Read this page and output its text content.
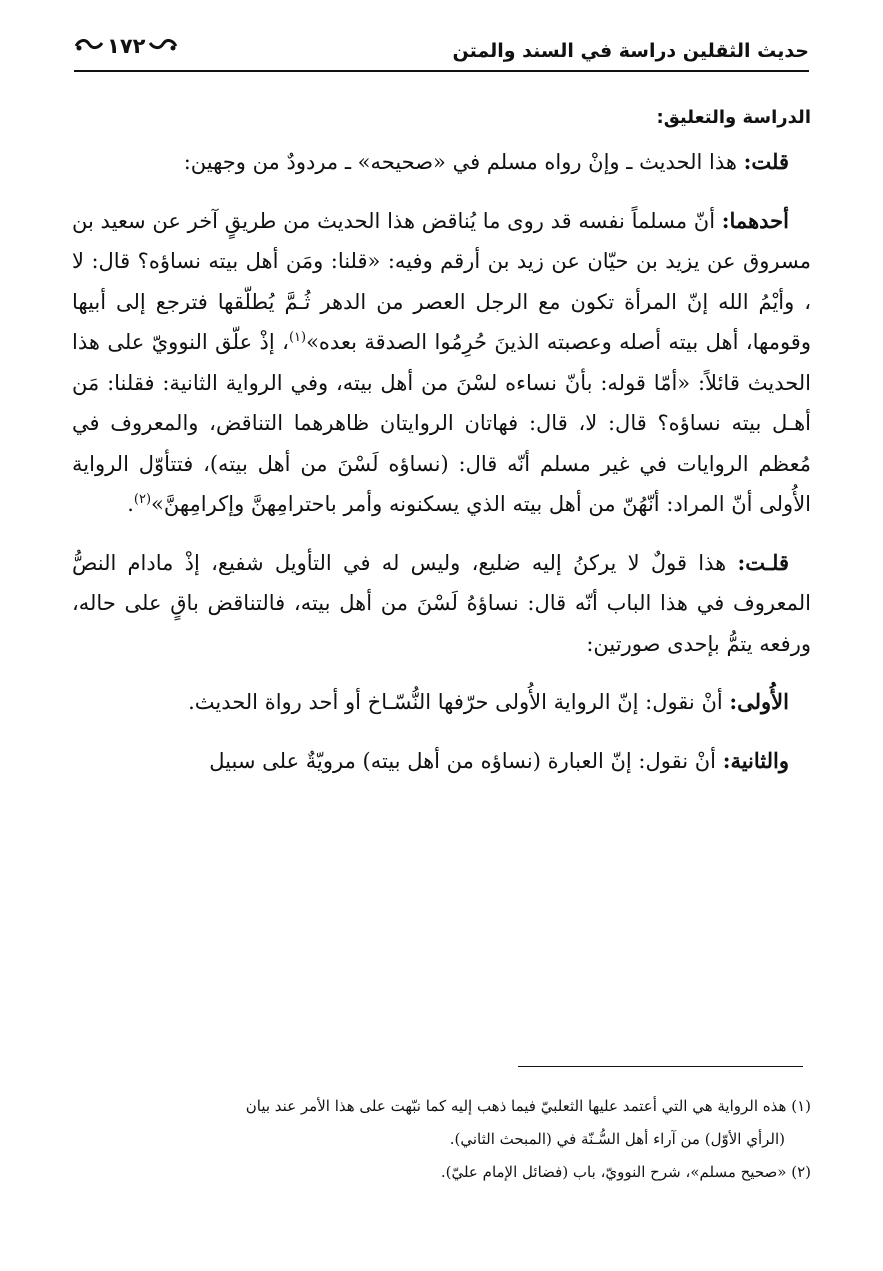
حديث الثقلين دراسة في السند والمتن
١٧٢
الدراسة والتعليق:

قلت: هذا الحديث ـ وإنْ رواه مسلم في «صحيحه» ـ مردودٌ من وجهين:

أحدهما: أنّ مسلماً نفسه قد روى ما يُناقض هذا الحديث من طريقٍ آخر عن سعيد بن مسروق عن يزيد بن حيّان عن زيد بن أرقم وفيه: «قلنا: ومَن أهل بيته نساؤه؟ قال: لا ، وأيْمُ الله إنّ المرأة تكون مع الرجل العصر من الدهر ثُـمَّ يُطلّقها فترجع إلى أبيها وقومها، أهل بيته أصله وعصبته الذينَ حُرِمُوا الصدقة بعده»$^{(١)}$، إذْ علّق النوويّ على هذا الحديث قائلاً: «أمّا قوله: بأنّ نساءه لسْنَ من أهل بيته، وفي الرواية الثانية: فقلنا: مَن أهـل بيته نساؤه؟ قال: لا، قال: فهاتان الروايتان ظاهرهما التناقض، والمعروف في مُعظم الروايات في غير مسلم أنّه قال: (نساؤه لَسْنَ من أهل بيته)، فتتأوّل الرواية الأُولى أنّ المراد: أنّهُنّ من أهل بيته الذي يسكنونه وأمر باحترامِهنَّ وإكرامِهنَّ»$^{(٢)}$.

قلـت: هذا قولٌ لا يركنُ إليه ضليع، وليس له في التأويل شفيع، إذْ مادام النصُّ المعروف في هذا الباب أنّه قال: نساؤهُ لَسْنَ من أهل بيته، فالتناقض باقٍ على حاله، ورفعه يتمُّ بإحدى صورتين:

الأُولى: أنْ نقول: إنّ الرواية الأُولى حرّفها النُّسّـاخ أو أحد رواة الحديث.

والثانية: أنْ نقول: إنّ العبارة (نساؤه من أهل بيته) مرويّةٌ على سبيل

(١) هذه الرواية هي التي أعتمد عليها الثعلبيّ فيما ذهب إليه كما نبّهت على هذا الأمر عند بيان

(الرأي الأوّل) من آراء أهل السُّـنّة في (المبحث الثاني).

(٢) «صحيح مسلم»، شرح النوويّ، باب (فضائل الإمام عليّ).
